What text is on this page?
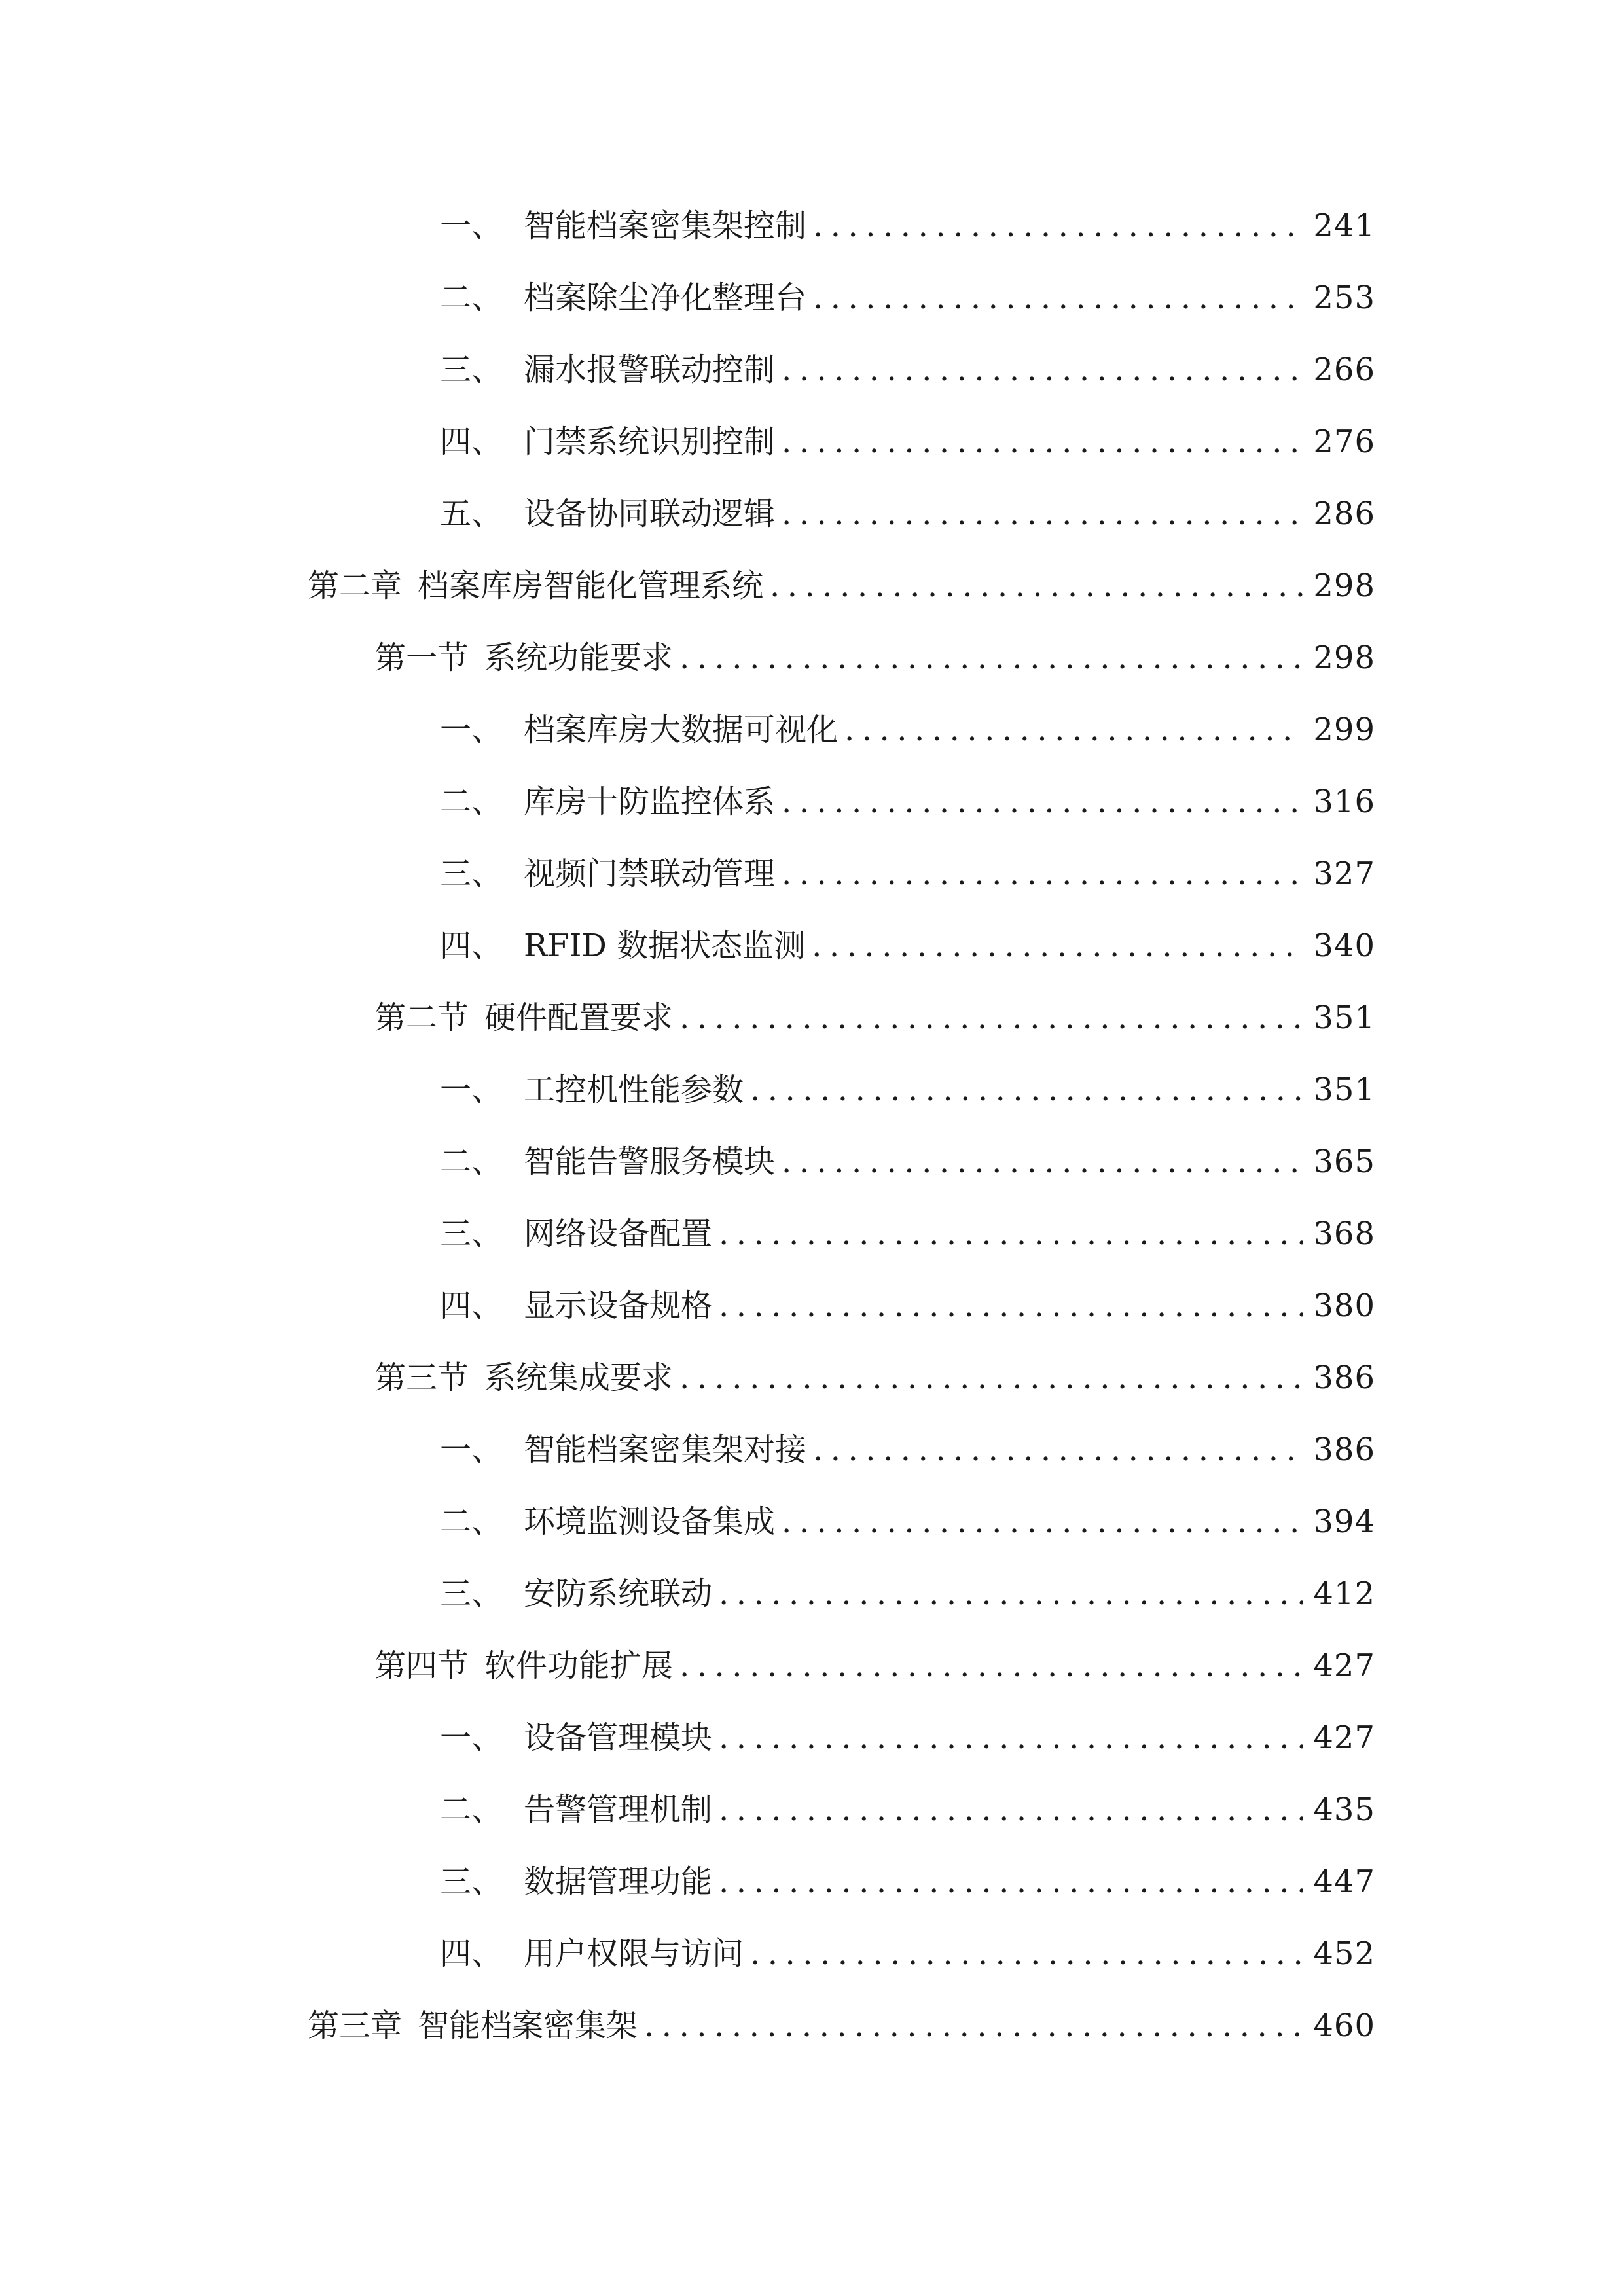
一、 智能档案密集架控制 .....	241
二、 档案除尘净化整理台 .....	253
三、 漏水报警联动控制 .....	266
四、 门禁系统识别控制 .....	276
五、 设备协同联动逻辑 .....	286
第二章 档案库房智能化管理系统 .....	298
第一节 系统功能要求 .....	298
一、 档案库房大数据可视化 .....	299
二、 库房十防监控体系 .....	316
三、 视频门禁联动管理 .....	327
四、 RFID 数据状态监测 .....	340
第二节 硬件配置要求 .....	351
一、 工控机性能参数 .....	351
二、 智能告警服务模块 .....	365
三、 网络设备配置 .....	368
四、 显示设备规格 .....	380
第三节 系统集成要求 .....	386
一、 智能档案密集架对接 .....	386
二、 环境监测设备集成 .....	394
三、 安防系统联动 .....	412
第四节 软件功能扩展 .....	427
一、 设备管理模块 .....	427
二、 告警管理机制 .....	435
三、 数据管理功能 .....	447
四、 用户权限与访问 .....	452
第三章 智能档案密集架 .....	460
